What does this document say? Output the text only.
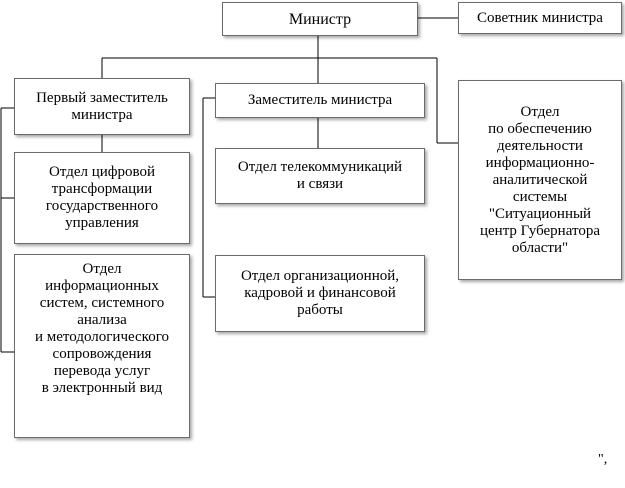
Министр	Советник министра
Первый заместитель
министра
Заместитель министра
Отдел
по обеспечению
деятельности
информационно-
аналитической
системы
"Ситуационный
центр Губернатора
области"
Отдел цифровой
трансформации
государственного
управления
Отдел
информационных
систем, системного
анализа
и методологического
сопровождения
перевода услуг
в электронный вид
Отдел телекоммуникаций
и связи
Отдел организационной,
кадровой и финансовой
работы
",
